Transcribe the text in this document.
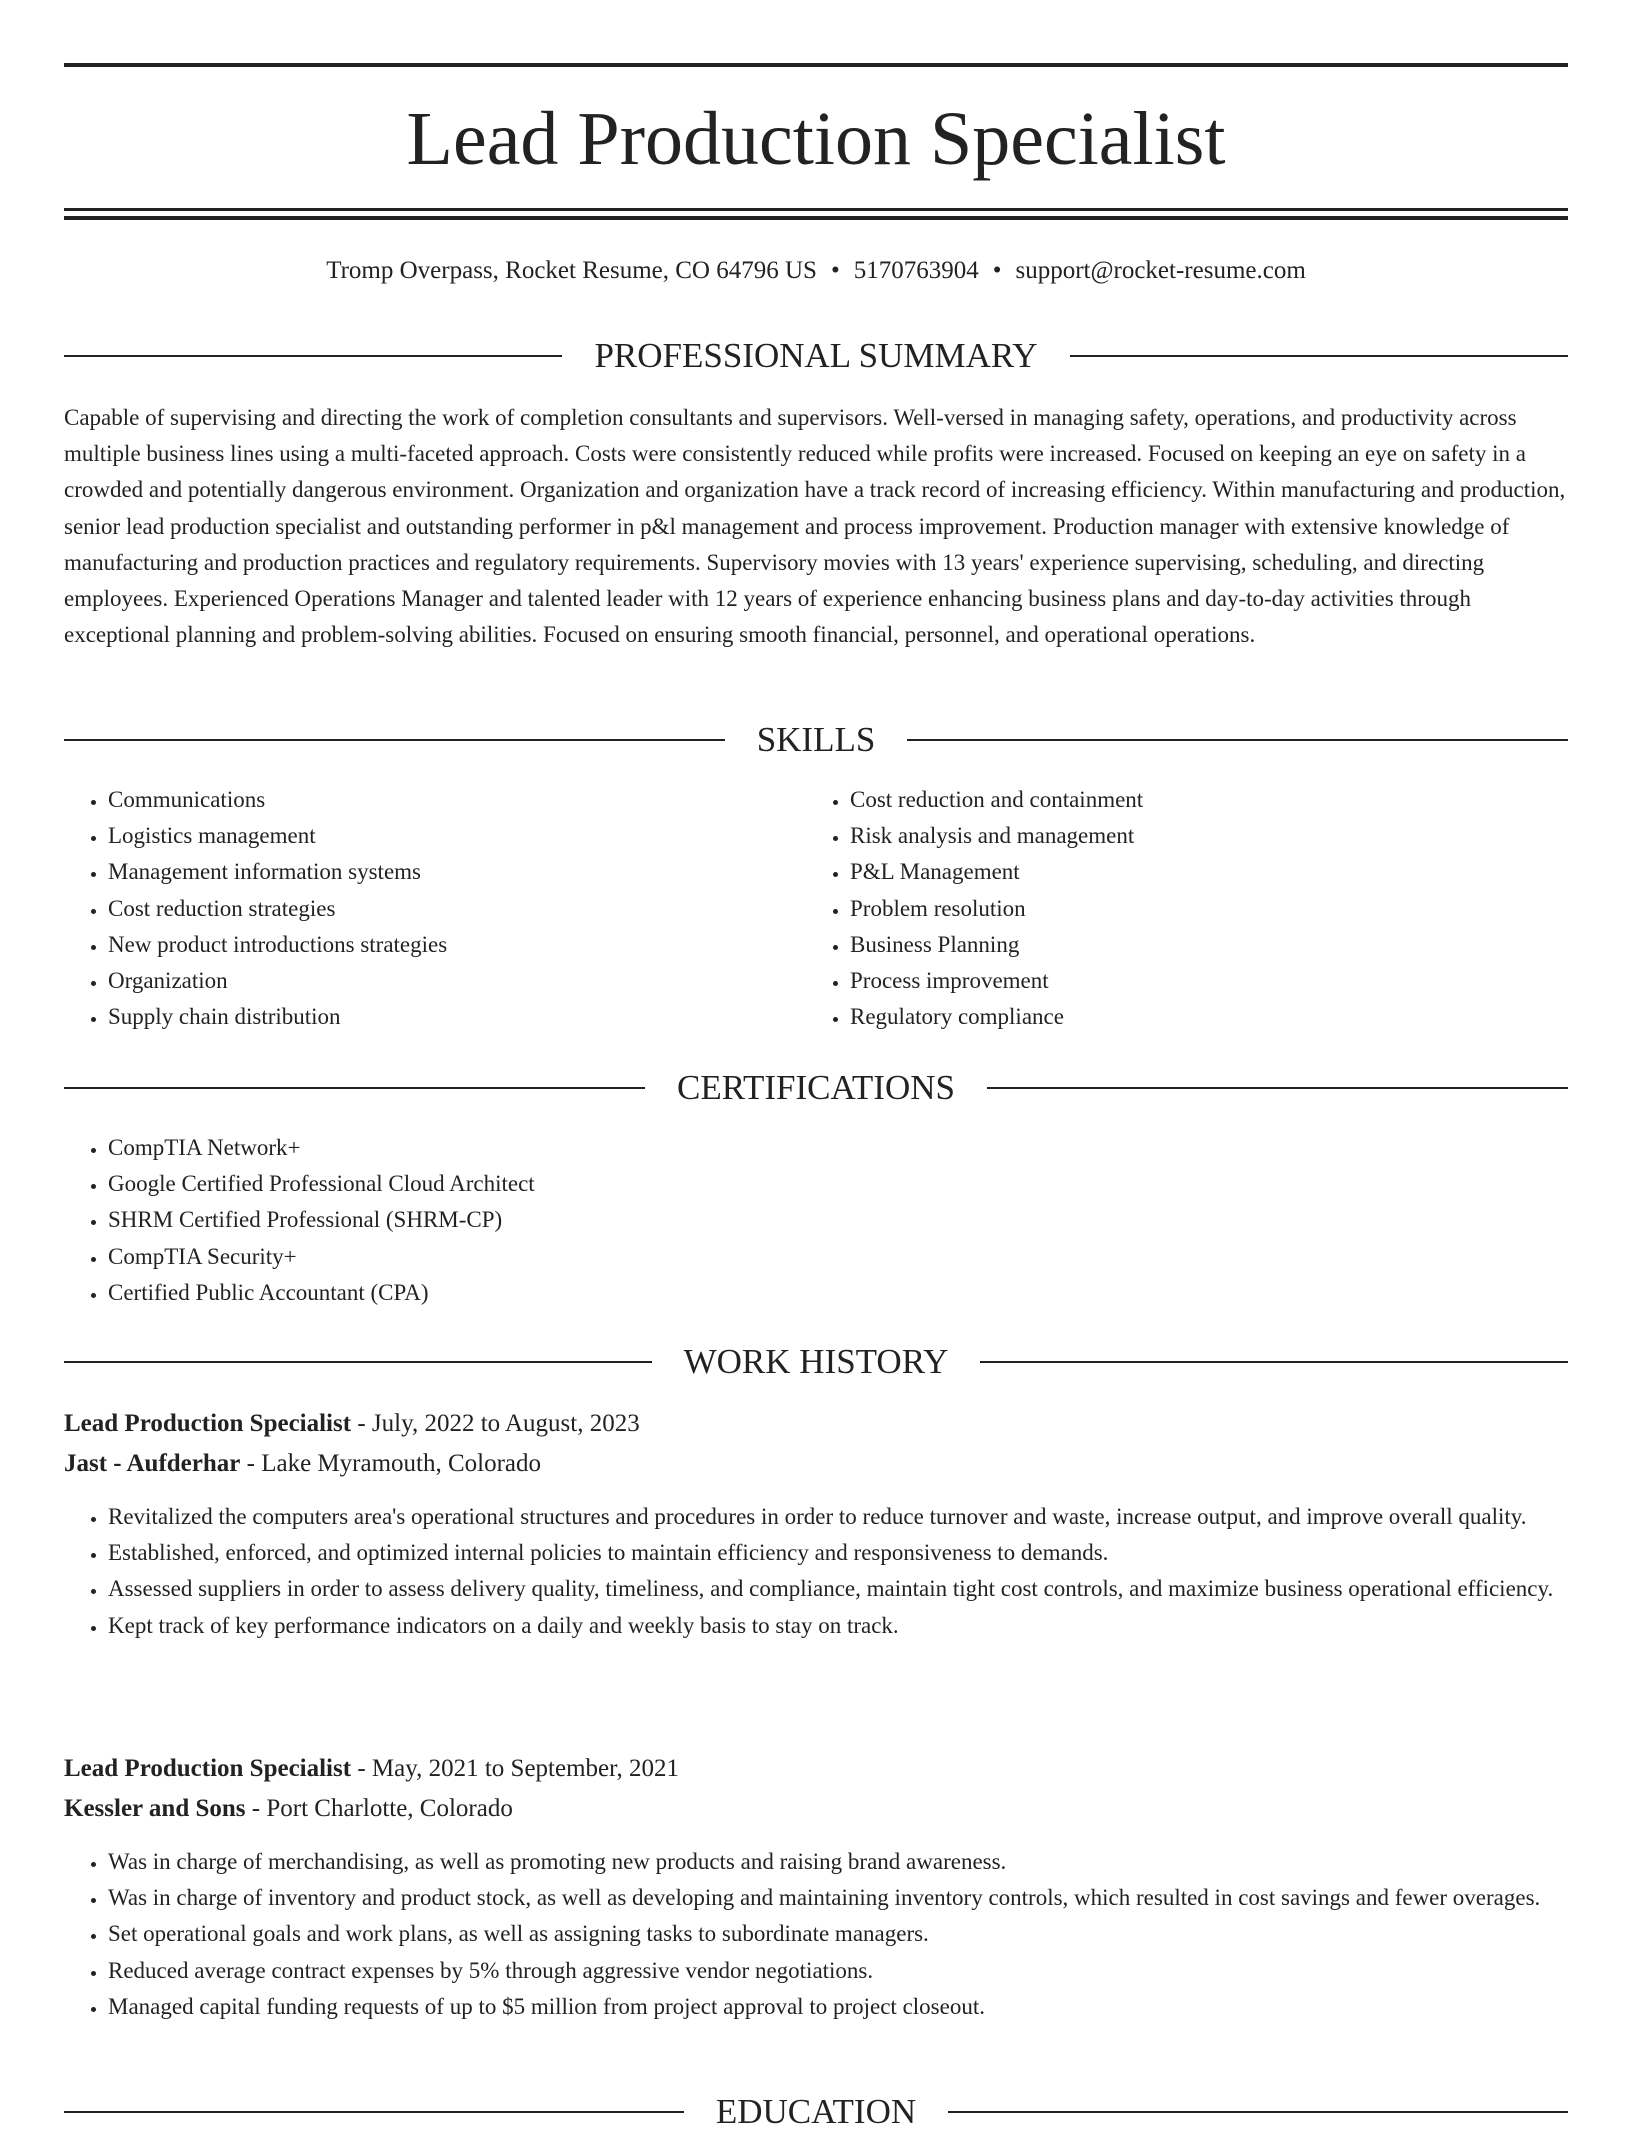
Lead Production Specialist
Tromp Overpass, Rocket Resume, CO 64796 US • 5170763904 • support@rocket-resume.com
PROFESSIONAL SUMMARY

Capable of supervising and directing the work of completion consultants and supervisors. Well-versed in managing safety, operations, and productivity across multiple business lines using a multi-faceted approach. Costs were consistently reduced while profits were increased. Focused on keeping an eye on safety in a crowded and potentially dangerous environment. Organization and organization have a track record of increasing efficiency. Within manufacturing and production, senior lead production specialist and outstanding performer in p&l management and process improvement. Production manager with extensive knowledge of manufacturing and production practices and regulatory requirements. Supervisory movies with 13 years' experience supervising, scheduling, and directing employees. Experienced Operations Manager and talented leader with 12 years of experience enhancing business plans and day-to-day activities through exceptional planning and problem-solving abilities. Focused on ensuring smooth financial, personnel, and operational operations.

SKILLS
• Communications
• Logistics management
• Management information systems
• Cost reduction strategies
• New product introductions strategies
• Organization
• Supply chain distribution
• Cost reduction and containment
• Risk analysis and management
• P&L Management
• Problem resolution
• Business Planning
• Process improvement
• Regulatory compliance
CERTIFICATIONS
• CompTIA Network+
• Google Certified Professional Cloud Architect
• SHRM Certified Professional (SHRM-CP)
• CompTIA Security+
• Certified Public Accountant (CPA)
WORK HISTORY

Lead Production Specialist - July, 2022 to August, 2023

Jast - Aufderhar - Lake Myramouth, Colorado

• Revitalized the computers area's operational structures and procedures in order to reduce turnover and waste, increase output, and improve overall quality.
• Established, enforced, and optimized internal policies to maintain efficiency and responsiveness to demands.
• Assessed suppliers in order to assess delivery quality, timeliness, and compliance, maintain tight cost controls, and maximize business operational efficiency.
• Kept track of key performance indicators on a daily and weekly basis to stay on track.

Lead Production Specialist - May, 2021 to September, 2021

Kessler and Sons - Port Charlotte, Colorado

• Was in charge of merchandising, as well as promoting new products and raising brand awareness.
• Was in charge of inventory and product stock, as well as developing and maintaining inventory controls, which resulted in cost savings and fewer overages.
• Set operational goals and work plans, as well as assigning tasks to subordinate managers.
• Reduced average contract expenses by 5% through aggressive vendor negotiations.
• Managed capital funding requests of up to $5 million from project approval to project closeout.
EDUCATION
